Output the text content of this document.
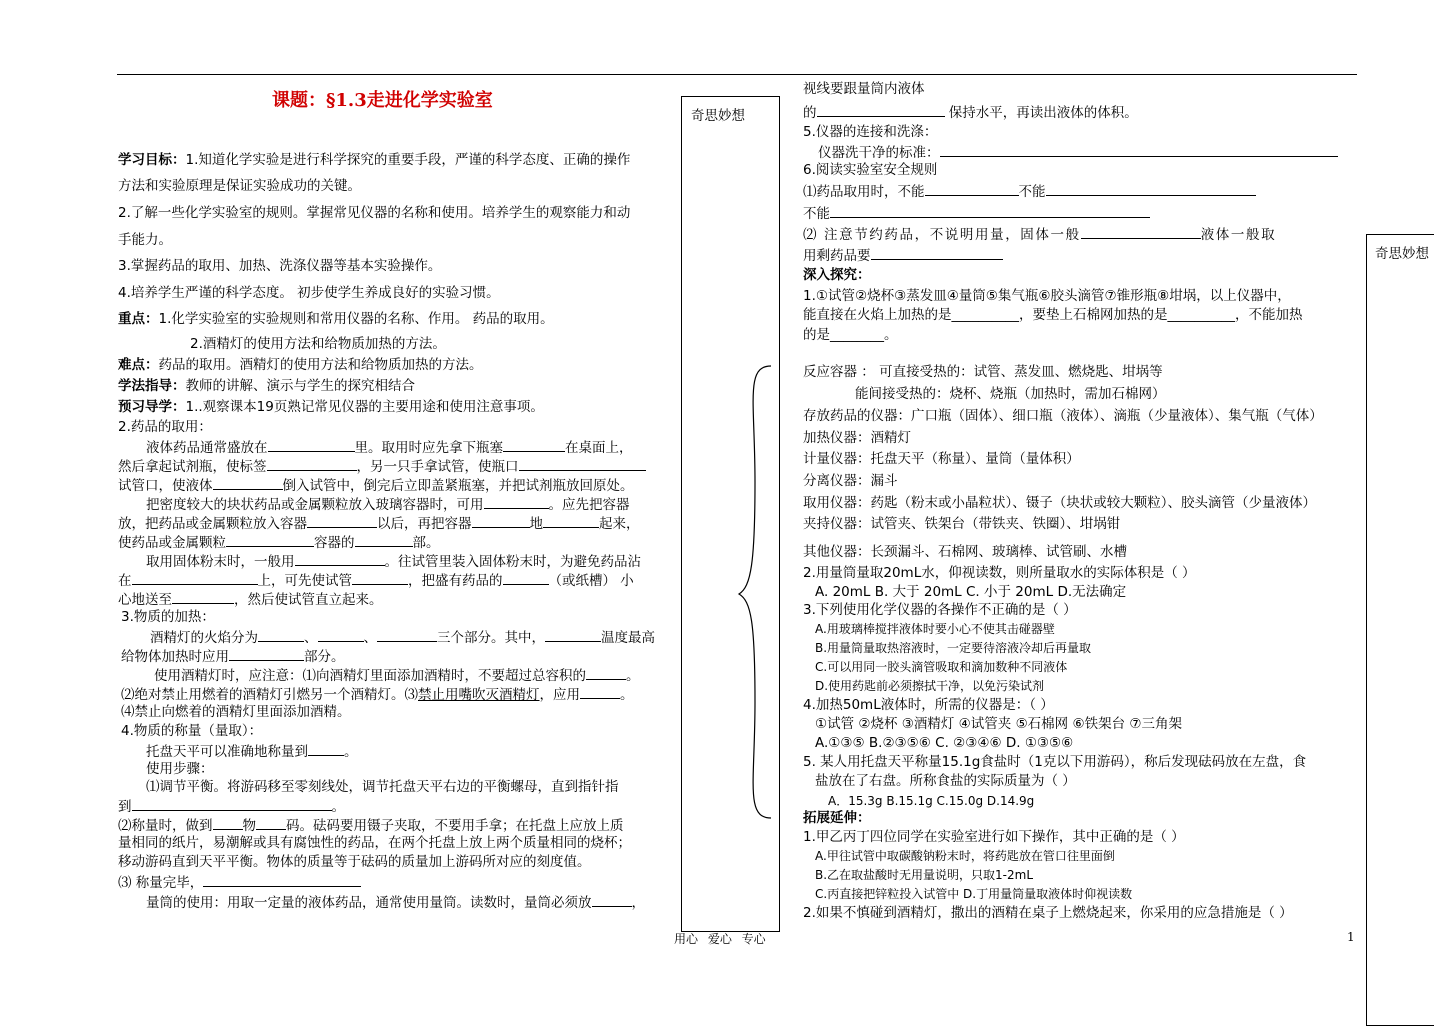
课题：§1.3走进化学实验室
奇思妙想
奇思妙想
学习目标：1.知道化学实验是进行科学探究的重要手段，严谨的科学态度、正确的操作
方法和实验原理是保证实验成功的关键。
2.了解一些化学实验室的规则。掌握常见仪器的名称和使用。培养学生的观察能力和动
手能力。
3.掌握药品的取用、加热、洗涤仪器等基本实验操作。
4.培养学生严谨的科学态度。 初步使学生养成良好的实验习惯。
重点：1.化学实验室的实验规则和常用仪器的名称、作用。 药品的取用。
2.酒精灯的使用方法和给物质加热的方法。
难点：药品的取用。酒精灯的使用方法和给物质加热的方法。
学法指导：教师的讲解、演示与学生的探究相结合
预习导学：1..观察课本19页熟记常见仪器的主要用途和使用注意事项。
2.药品的取用：
液体药品通常盛放在	里。取用时应先拿下瓶塞	在桌面上，
然后拿起试剂瓶，使标签	，另一只手拿试管，使瓶口
试管口，使液体	倒入试管中，倒完后立即盖紧瓶塞，并把试剂瓶放回原处。
把密度较大的块状药品或金属颗粒放入玻璃容器时，可用	。应先把容器
放，把药品或金属颗粒放入容器	以后，再把容器	地	起来，
使药品或金属颗粒	容器的	部。
取用固体粉末时，一般用	。往试管里装入固体粉末时，为避免药品沾
在	上，可先使试管	，把盛有药品的	（或纸槽） 小
心地送至	，然后使试管直立起来。
3.物质的加热：
酒精灯的火焰分为	、	、	三个部分。其中，	温度最高
给物体加热时应用	部分。
使用酒精灯时，应注意：⑴向酒精灯里面添加酒精时，不要超过总容积的	。
⑵绝对禁止用燃着的酒精灯引燃另一个酒精灯。⑶禁止用嘴吹灭酒精灯，应用	。
⑷禁止向燃着的酒精灯里面添加酒精。
4.物质的称量（量取）：
托盘天平可以准确地称量到	。
使用步骤：
⑴调节平衡。将游码移至零刻线处，调节托盘天平右边的平衡螺母，直到指针指
到	。
⑵称量时，做到 物 码。砝码要用镊子夹取，不要用手拿；在托盘上应放上质
量相同的纸片，易潮解或具有腐蚀性的药品，在两个托盘上放上两个质量相同的烧杯；
移动游码直到天平平衡。物体的质量等于砝码的质量加上游码所对应的刻度值。
⑶ 称量完毕，
量筒的使用：用取一定量的液体药品，通常使用量筒。读数时，量筒必须放	，
视线要跟量筒内液体
的	保持水平，再读出液体的体积。
5.仪器的连接和洗涤：
仪器洗干净的标准：
6.阅读实验室安全规则
⑴药品取用时，不能	不能
不能
⑵ 注意节约药品，不说明用量，固体一般	液体一般取
用剩药品要
深入探究：
1.①试管②烧杯③蒸发皿④量筒⑤集气瓶⑥胶头滴管⑦锥形瓶⑧坩埚，以上仪器中，
能直接在火焰上加热的是__________，要垫上石棉网加热的是__________，不能加热
的是________。
反应容器 ： 可直接受热的：试管、蒸发皿、燃烧匙、坩埚等
能间接受热的：烧杯、烧瓶（加热时，需加石棉网）
存放药品的仪器：广口瓶（固体）、细口瓶（液体）、滴瓶（少量液体）、集气瓶（气体）
加热仪器：酒精灯
计量仪器：托盘天平（称量）、量筒（量体积）
分离仪器：漏斗
取用仪器：药匙（粉末或小晶粒状）、镊子（块状或较大颗粒）、胶头滴管（少量液体）
夹持仪器：试管夹、铁架台（带铁夹、铁圈）、坩埚钳
其他仪器：长颈漏斗、石棉网、玻璃棒、试管刷、水槽
2.用量筒量取20mL水，仰视读数，则所量取水的实际体积是（ ）
A. 20mL B. 大于 20mL C. 小于 20mL D.无法确定
3.下列使用化学仪器的各操作不正确的是（ ）
A.用玻璃棒搅拌液体时要小心不使其击碰器壁
B.用量筒量取热溶液时，一定要待溶液冷却后再量取
C.可以用同一胶头滴管吸取和滴加数种不同液体
D.使用药匙前必须擦拭干净，以免污染试剂
4.加热50mL液体时，所需的仪器是：（ ）
①试管 ②烧杯 ③酒精灯 ④试管夹 ⑤石棉网 ⑥铁架台 ⑦三角架
A.①③⑤ B.②③⑤⑥ C. ②③④⑥ D. ①③⑤⑥
5. 某人用托盘天平称量15.1g食盐时（1克以下用游码），称后发现砝码放在左盘，食
盐放在了右盘。所称食盐的实际质量为（ ）
A．15.3g B.15.1g C.15.0g D.14.9g
拓展延伸：
1.甲乙丙丁四位同学在实验室进行如下操作，其中正确的是（ ）
A.甲往试管中取碳酸钠粉末时，将药匙放在管口往里面倒
B.乙在取盐酸时无用量说明，只取1-2mL
C.丙直接把锌粒投入试管中 D.丁用量筒量取液体时仰视读数
2.如果不慎碰到酒精灯，撒出的酒精在桌子上燃烧起来，你采用的应急措施是（ ）
用心 爱心 专心	1
